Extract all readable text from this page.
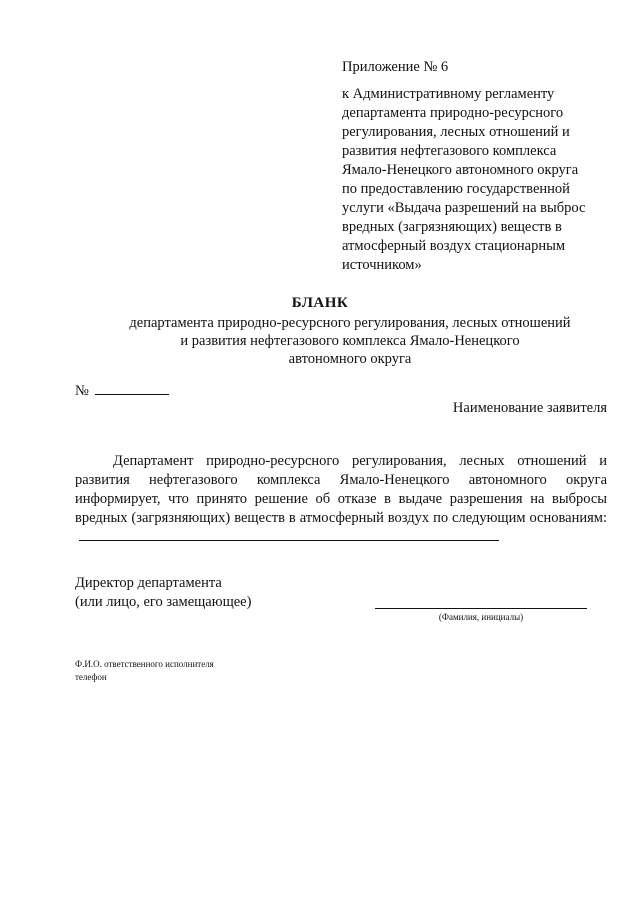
Приложение № 6
к Административному регламенту
департамента природно-ресурсного
регулирования, лесных отношений и
развития нефтегазового комплекса
Ямало-Ненецкого автономного округа
по предоставлению государственной
услуги «Выдача разрешений на выброс
вредных (загрязняющих) веществ в
атмосферный воздух стационарным
источником»
БЛАНК
департамента природно-ресурсного регулирования, лесных отношений
и развития нефтегазового комплекса Ямало-Ненецкого
автономного округа
№
Наименование заявителя
Департамент природно-ресурсного регулирования, лесных отношений и развития нефтегазового комплекса Ямало-Ненецкого автономного округа информирует, что принято решение об отказе в выдаче разрешения на выбросы вредных (загрязняющих) веществ в атмосферный воздух по следующим основаниям:
Директор департамента
(или лицо, его замещающее)
(Фамилия, инициалы)
Ф.И.О. ответственного исполнителя
телефон
